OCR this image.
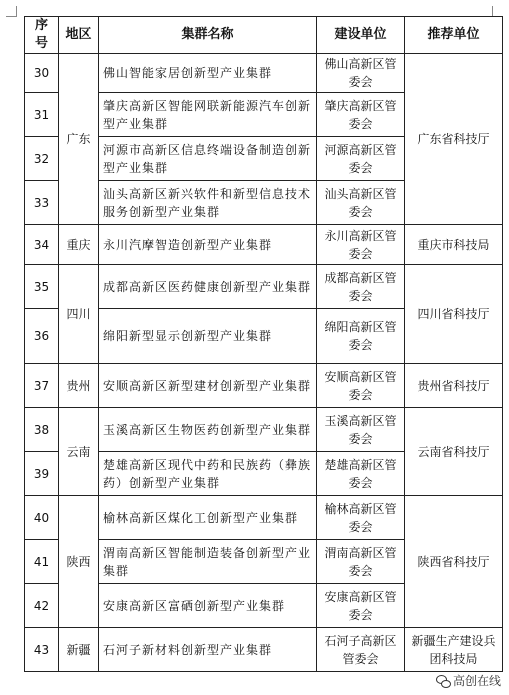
序号	地区	集群名称	建设单位	推荐单位
30	广东	佛山智能家居创新型产业集群	佛山高新区管委会	广东省科技厅
31		肇庆高新区智能网联新能源汽车创新型产业集群	肇庆高新区管委会	
32		河源市高新区信息终端设备制造创新型产业集群	河源高新区管委会	
33		汕头高新区新兴软件和新型信息技术服务创新型产业集群	汕头高新区管委会	
34	重庆	永川汽摩智造创新型产业集群	永川高新区管委会	重庆市科技局
35	四川	成都高新区医药健康创新型产业集群	成都高新区管委会	四川省科技厅
36		绵阳新型显示创新型产业集群	绵阳高新区管委会	
37	贵州	安顺高新区新型建材创新型产业集群	安顺高新区管委会	贵州省科技厅
38	云南	玉溪高新区生物医药创新型产业集群	玉溪高新区管委会	云南省科技厅
39		楚雄高新区现代中药和民族药（彝族药）创新型产业集群	楚雄高新区管委会	
40	陕西	榆林高新区煤化工创新型产业集群	榆林高新区管委会	陕西省科技厅
41		渭南高新区智能制造装备创新型产业集群	渭南高新区管委会	
42		安康高新区富硒创新型产业集群	安康高新区管委会	
43	新疆	石河子新材料创新型产业集群	石河子高新区管委会	新疆生产建设兵团科技局
高创在线
